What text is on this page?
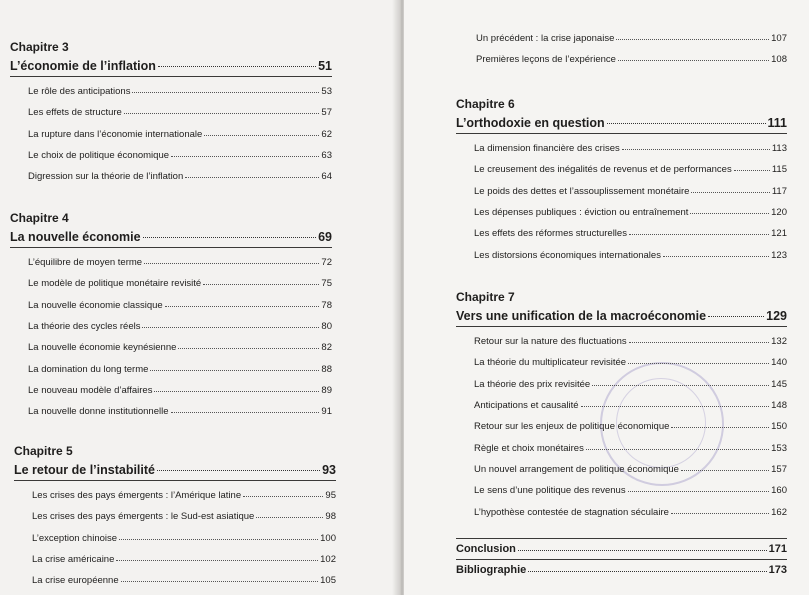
Chapitre 3

L’économie de l’inflation	51
Le rôle des anticipations	53
Les effets de structure	57
La rupture dans l’économie internationale	62
Le choix de politique économique	63
Digression sur la théorie de l’inflation	64

Chapitre 4

La nouvelle économie	69
L’équilibre de moyen terme	72
Le modèle de politique monétaire revisité	75
La nouvelle économie classique	78
La théorie des cycles réels	80
La nouvelle économie keynésienne	82
La domination du long terme	88
Le nouveau modèle d’affaires	89
La nouvelle donne institutionnelle	91

Chapitre 5

Le retour de l’instabilité	93
Les crises des pays émergents : l’Amérique latine	95
Les crises des pays émergents : le Sud-est asiatique	98
L’exception chinoise	100
La crise américaine	102
La crise européenne	105
Un précédent : la crise japonaise	107
Premières leçons de l’expérience	108

Chapitre 6

L’orthodoxie en question	111
La dimension financière des crises	113
Le creusement des inégalités de revenus et de performances	115
Le poids des dettes et l’assouplissement monétaire	117
Les dépenses publiques : éviction ou entraînement	120
Les effets des réformes structurelles	121
Les distorsions économiques internationales	123

Chapitre 7

Vers une unification de la macroéconomie	129
Retour sur la nature des fluctuations	132
La théorie du multiplicateur revisitée	140
La théorie des prix revisitée	145
Anticipations et causalité	148
Retour sur les enjeux de politique économique	150
Règle et choix monétaires	153
Un nouvel arrangement de politique économique	157
Le sens d’une politique des revenus	160
L’hypothèse contestée de stagnation séculaire	162
Conclusion	171
Bibliographie	173
